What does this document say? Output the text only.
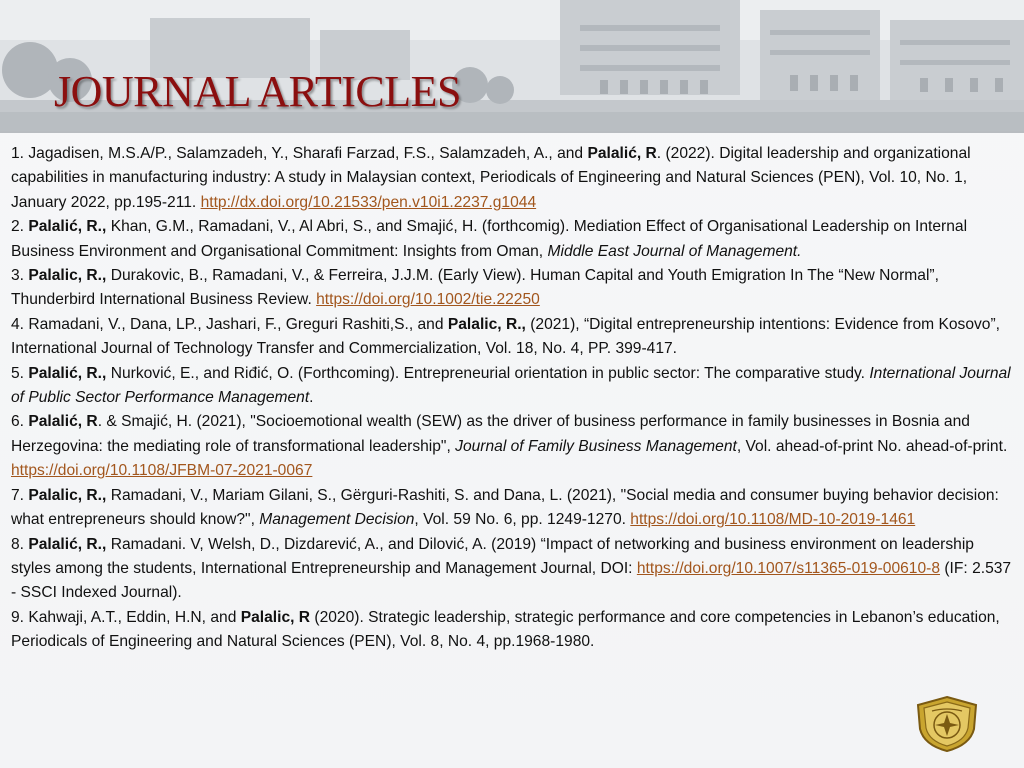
JOURNAL ARTICLES

1. Jagadisen, M.S.A/P., Salamzadeh, Y., Sharafi Farzad, F.S., Salamzadeh, A., and Palalić, R. (2022). Digital leadership and organizational capabilities in manufacturing industry: A study in Malaysian context, Periodicals of Engineering and Natural Sciences (PEN), Vol. 10, No. 1, January 2022, pp.195-211. http://dx.doi.org/10.21533/pen.v10i1.2237.g1044

2. Palalić, R., Khan, G.M., Ramadani, V., Al Abri, S., and Smajić, H. (forthcomig). Mediation Effect of Organisational Leadership on Internal Business Environment and Organisational Commitment: Insights from Oman, Middle East Journal of Management.

3. Palalic, R., Durakovic, B., Ramadani, V., & Ferreira, J.J.M. (Early View). Human Capital and Youth Emigration In The “New Normal”, Thunderbird International Business Review. https://doi.org/10.1002/tie.22250

4. Ramadani, V., Dana, LP., Jashari, F., Greguri Rashiti,S., and Palalic, R., (2021), “Digital entrepreneurship intentions: Evidence from Kosovo”, International Journal of Technology Transfer and Commercialization, Vol. 18, No. 4, PP. 399-417.

5. Palalić, R., Nurković, E., and Riđić, O. (Forthcoming). Entrepreneurial orientation in public sector: The comparative study. International Journal of Public Sector Performance Management.

6. Palalić, R. & Smajić, H. (2021), "Socioemotional wealth (SEW) as the driver of business performance in family businesses in Bosnia and Herzegovina: the mediating role of transformational leadership", Journal of Family Business Management, Vol. ahead-of-print No. ahead-of-print. https://doi.org/10.1108/JFBM-07-2021-0067

7. Palalic, R., Ramadani, V., Mariam Gilani, S., Gërguri-Rashiti, S. and Dana, L. (2021), "Social media and consumer buying behavior decision: what entrepreneurs should know?", Management Decision, Vol. 59 No. 6, pp. 1249-1270. https://doi.org/10.1108/MD-10-2019-1461

8. Palalić, R., Ramadani. V, Welsh, D., Dizdarević, A., and Dilović, A. (2019) “Impact of networking and business environment on leadership styles among the students, International Entrepreneurship and Management Journal, DOI: https://doi.org/10.1007/s11365-019-00610-8 (IF: 2.537 - SSCI Indexed Journal).

9. Kahwaji, A.T., Eddin, H.N, and Palalic, R (2020). Strategic leadership, strategic performance and core competencies in Lebanon’s education, Periodicals of Engineering and Natural Sciences (PEN), Vol. 8, No. 4, pp.1968-1980.
